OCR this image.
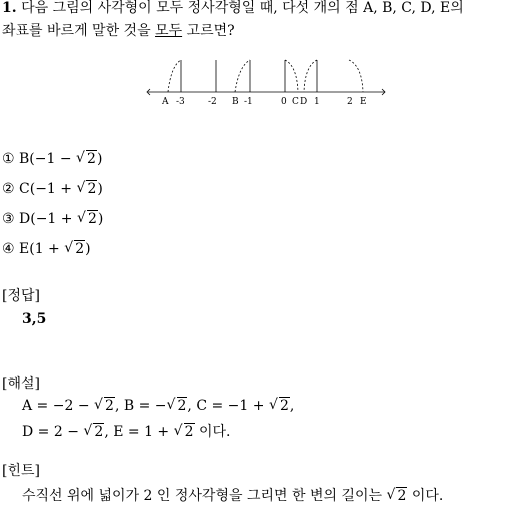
1. 다음 그림의 사각형이 모두 정사각형일 때, 다섯 개의 점 A, B, C, D, E의
좌표를 바르게 말한 것을 모두 고르면?
A -3	-2 B -1	0 C D 1	2 E
① B(−1 − √ 2)
② C(−1 + √ 2)
③ D(−1 + √ 2)
④ E(1 + √ 2)
[정답]
3,5
[해설]
A = −2 − √ 2, B = −√ 2, C = −1 + √ 2,
D = 2 − √ 2, E = 1 + √ 2 이다.
[힌트]
수직선 위에 넓이가 2 인 정사각형을 그리면 한 변의 길이는 √ 2 이다.
